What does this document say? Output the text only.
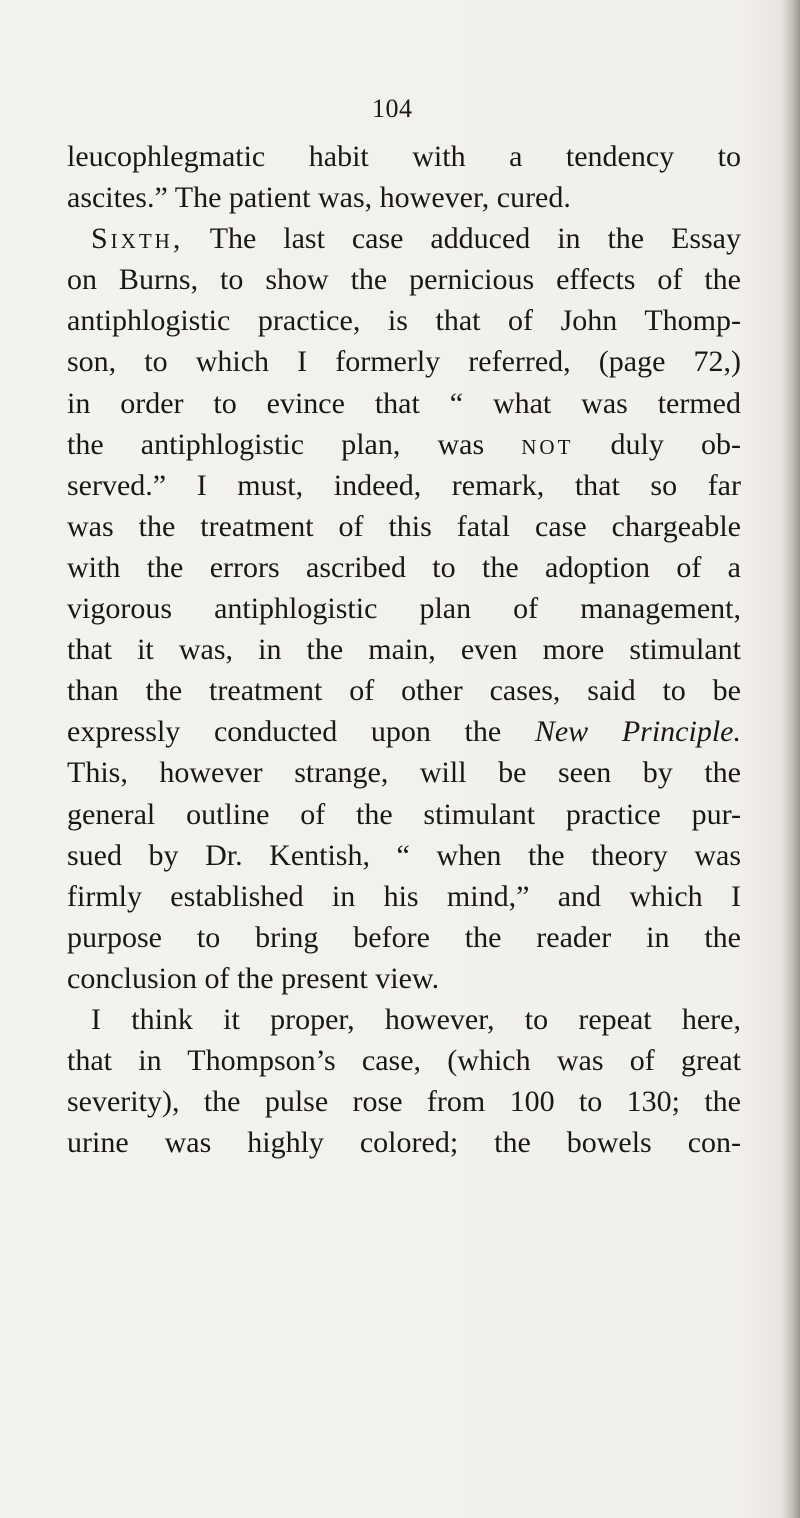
104
leucophlegmatic habit with a tendency to
ascites.” The patient was, however, cured.
Sixth, The last case adduced in the Essay
on Burns, to show the pernicious effects of the
antiphlogistic practice, is that of John Thomp-
son, to which I formerly referred, (page 72,)
in order to evince that “ what was termed
the antiphlogistic plan, was not duly ob-
served.” I must, indeed, remark, that so far
was the treatment of this fatal case chargeable
with the errors ascribed to the adoption of a
vigorous antiphlogistic plan of management,
that it was, in the main, even more stimulant
than the treatment of other cases, said to be
expressly conducted upon the New Principle.
This, however strange, will be seen by the
general outline of the stimulant practice pur-
sued by Dr. Kentish, “ when the theory was
firmly established in his mind,” and which I
purpose to bring before the reader in the
conclusion of the present view.
I think it proper, however, to repeat here,
that in Thompson’s case, (which was of great
severity), the pulse rose from 100 to 130; the
urine was highly colored; the bowels con-
